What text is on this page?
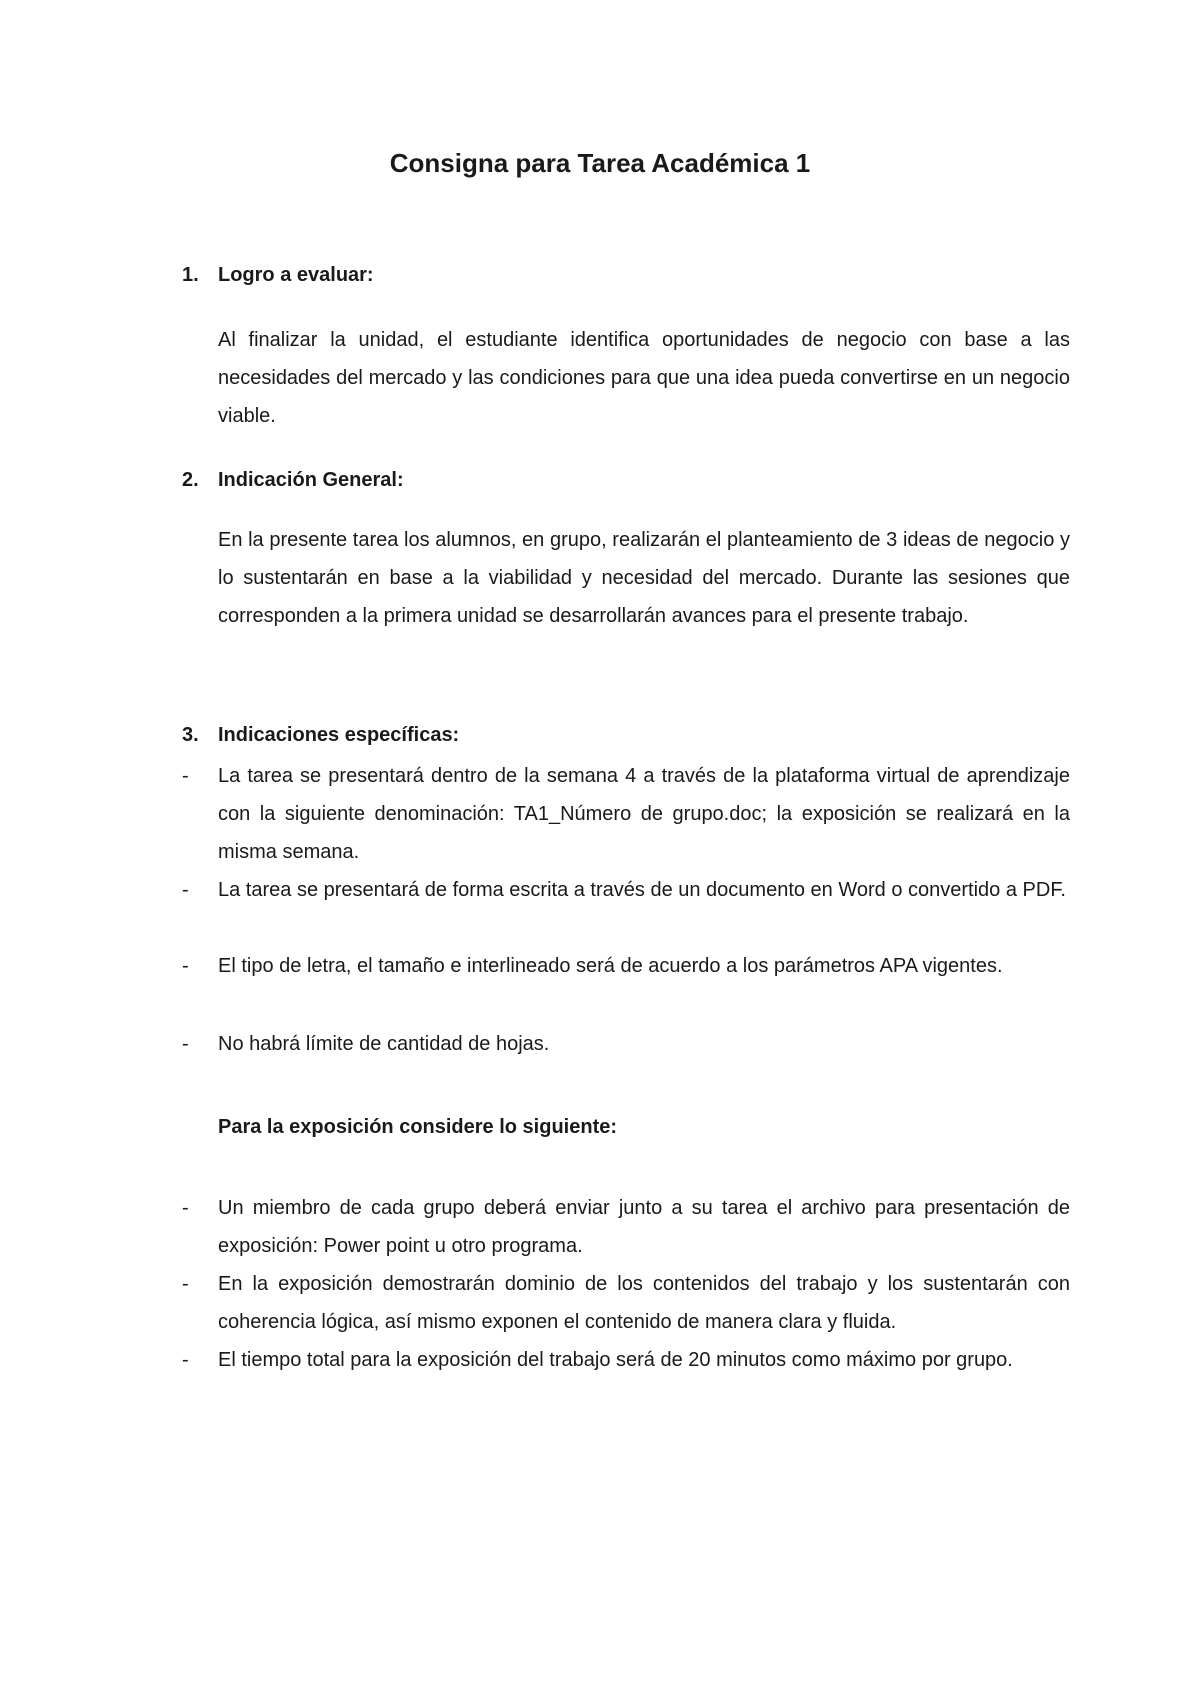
Consigna para Tarea Académica 1
1. Logro a evaluar:

Al finalizar la unidad, el estudiante identifica oportunidades de negocio con base a las necesidades del mercado y las condiciones para que una idea pueda convertirse en un negocio viable.

2. Indicación General:

En la presente tarea los alumnos, en grupo, realizarán el planteamiento de 3 ideas de negocio y lo sustentarán en base a la viabilidad y necesidad del mercado. Durante las sesiones que corresponden a la primera unidad se desarrollarán avances para el presente trabajo.

3. Indicaciones específicas:
-	La tarea se presentará dentro de la semana 4 a través de la plataforma virtual de aprendizaje con la siguiente denominación: TA1_Número de grupo.doc; la exposición se realizará en la misma semana.
-	La tarea se presentará de forma escrita a través de un documento en Word o convertido a PDF.
-	El tipo de letra, el tamaño e interlineado será de acuerdo a los parámetros APA vigentes.
-	No habrá límite de cantidad de hojas.
Para la exposición considere lo siguiente:
-	Un miembro de cada grupo deberá enviar junto a su tarea el archivo para presentación de exposición: Power point u otro programa.
-	En la exposición demostrarán dominio de los contenidos del trabajo y los sustentarán con coherencia lógica, así mismo exponen el contenido de manera clara y fluida.
-	El tiempo total para la exposición del trabajo será de 20 minutos como máximo por grupo.
